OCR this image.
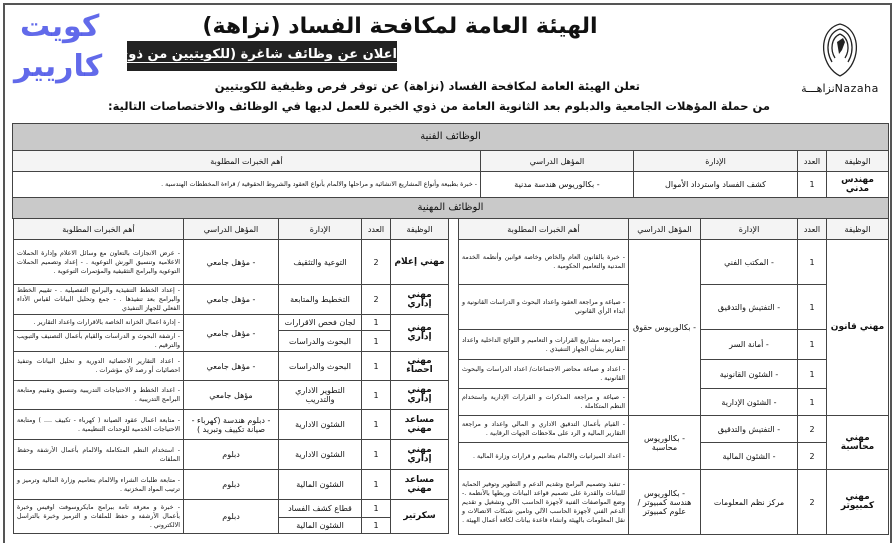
نزاهـــةNazaha
الهيئة العامة لمكافحة الفساد (نزاهة)
اعلان عن وظائف شاغرة (للكويتيين من ذوي الخبرة)
تعلن الهيئة العامة لمكافحة الفساد (نزاهة) عن توفر فرص وظيفية للكويتيين
من حملة المؤهلات الجامعية والدبلوم بعد الثانوية العامة من ذوي الخبرة للعمل لديها في الوظائف والاختصاصات التالية:
كويت
كاريير
الوظائف الفنية
الوظيفة	العدد	الإدارة	المؤهل الدراسي	أهم الخبرات المطلوبة
مهندس مدني	1	كشف الفساد واسترداد الأموال	- بكالوريوس هندسة مدنية	- خبرة بطبيعة وأنواع المشاريع الانشائية و مراحلها والالمام بأنواع العقود والشروط الحقوقية / قراءة المخططات الهندسية .
الوظائف المهنية
الوظيفة	العدد	الإدارة	المؤهل الدراسي	أهم الخبرات المطلوبة
مهني قانون	1	- المكتب الفني	- بكالوريوس حقوق	- خبرة بالقانون العام والخاص وخاصة قوانين وأنظمة الخدمة المدنية والتعاميم الحكومية .
	1	- التفتيش والتدقيق		- صياغة و مراجعة العقود واعداد البحوث و الدراسات القانونية و ابداء الرأي القانوني
	1	- أمانة السر		- مراجعة مشاريع القرارات و التعاميم و اللوائح الداخلية واعداد التقارير بشأن الجهاز التنفيذي .
	1	- الشئون القانونية		- اعداد و صياغة محاضر الاجتماعات/ اعداد الدراسات والبحوث القانونية .
	1	- الشئون الإدارية		- صياغة و مراجعة المذكرات و القرارات الإدارية واستخدام النظم المتكاملة .
مهني محاسبة	2	- التفتيش والتدقيق	- بكالوريوس محاسبة	- القيام بأعمال التدقيق الاداري و المالي واعداد و مراجعة التقارير المالية و الرد على ملاحظات الجهات الرقابية .
	2	- الشئون المالية		- اعداد الميزانيات والالمام بتعاميم و قرارات وزارة المالية .
مهني كمبيوتر	2	مركز نظم المعلومات	- بكالوريوس هندسة كمبيوتر / علوم كمبيوتر	- تنفيذ وتصميم البرامج وتقديم الدعم و التطوير وتوفير الحماية للبيانات والقدرة على تصميم قواعد البيانات وربطها بالأنظمة .- وضع المواصفات الفنية لأجهزة الحاسب الآلي وتشغيل و تقديم الدعم الفني لأجهزة الحاسب الآلي وتامين شبكات الاتصالات و نقل المعلومات بالهيئة وانشاء قاعدة بيانات لكافة أعمال الهيئة .
الوظيفة	العدد	الإدارة	المؤهل الدراسي	أهم الخبرات المطلوبة
مهني إعلام	2	التوعية والتثقيف	- مؤهل جامعي	- عرض الانجازات بالتعاون مع وسائل الاعلام وإدارة الحملات الاعلامية وتنسيق الورش التوعوية . - إعداد وتصميم الحملات التوعوية والبرامج التثقيفية والمؤتمرات التوعوية .
مهني إداري	2	التخطيط والمتابعة	- مؤهل جامعي	- إعداد الخطط التنفيذية والبرامج التفصيلية . - تقييم الخطط والبرامج بعد تنفيذها . - جمع وتحليل البيانات لقياس الأداء الفعلي للجهاز التنفيذي
مهني إداري	1	لجان فحص الاقرارات	- مؤهل جامعي	- إدارة اعمال الخزانة الخاصة بالاقرارات واعداد التقارير .
	1	البحوث والدراسات		- ارشفة البحوث و الدراسات والقيام بأعمال التصنيف والتبويب والترقيم .
مهني احصاء	1	البحوث والدراسات	- مؤهل جامعي	- اعداد التقارير الاحصائية الدورية و تحليل البيانات وتنفيذ احصائيات أو رصد لأي مؤشرات .
مهني إداري	1	التطوير الاداري والتدريب	مؤهل جامعي	- اعداد الخطط و الاحتياجات التدريبية وتنسيق وتقييم ومتابعة البرامج التدريبية .
مساعد مهني	1	الشئون الادارية	- دبلوم هندسة (كهرباء - صيانة تكييف وتبريد )	- متابعة اعمال عقود الصيانة ( كهرباء - تكييف .... ) ومتابعة الاحتياجات الخدمية للوحدات التنظيمية .
مهني إداري	1	الشئون الادارية	دبلوم	- استخدام النظم المتكاملة والالمام بأعمال الأرشفة وحفظ الملفات
مساعد مهني	1	الشئون المالية	دبلوم	- متابعة طلبات الشراء والالمام بتعاميم وزارة المالية وترميز و ترتيب المواد المخزنية .
سكرتير	1	قطاع كشف الفساد	دبلوم	- خبرة و معرفة تامة ببرامج مايكروسوفت اوفيس وخبرة بأعمال الأرشفة و حفظ للملفات و الترميز وخبرة بالتراسل الالكتروني .
	1	الشئون المالية		
